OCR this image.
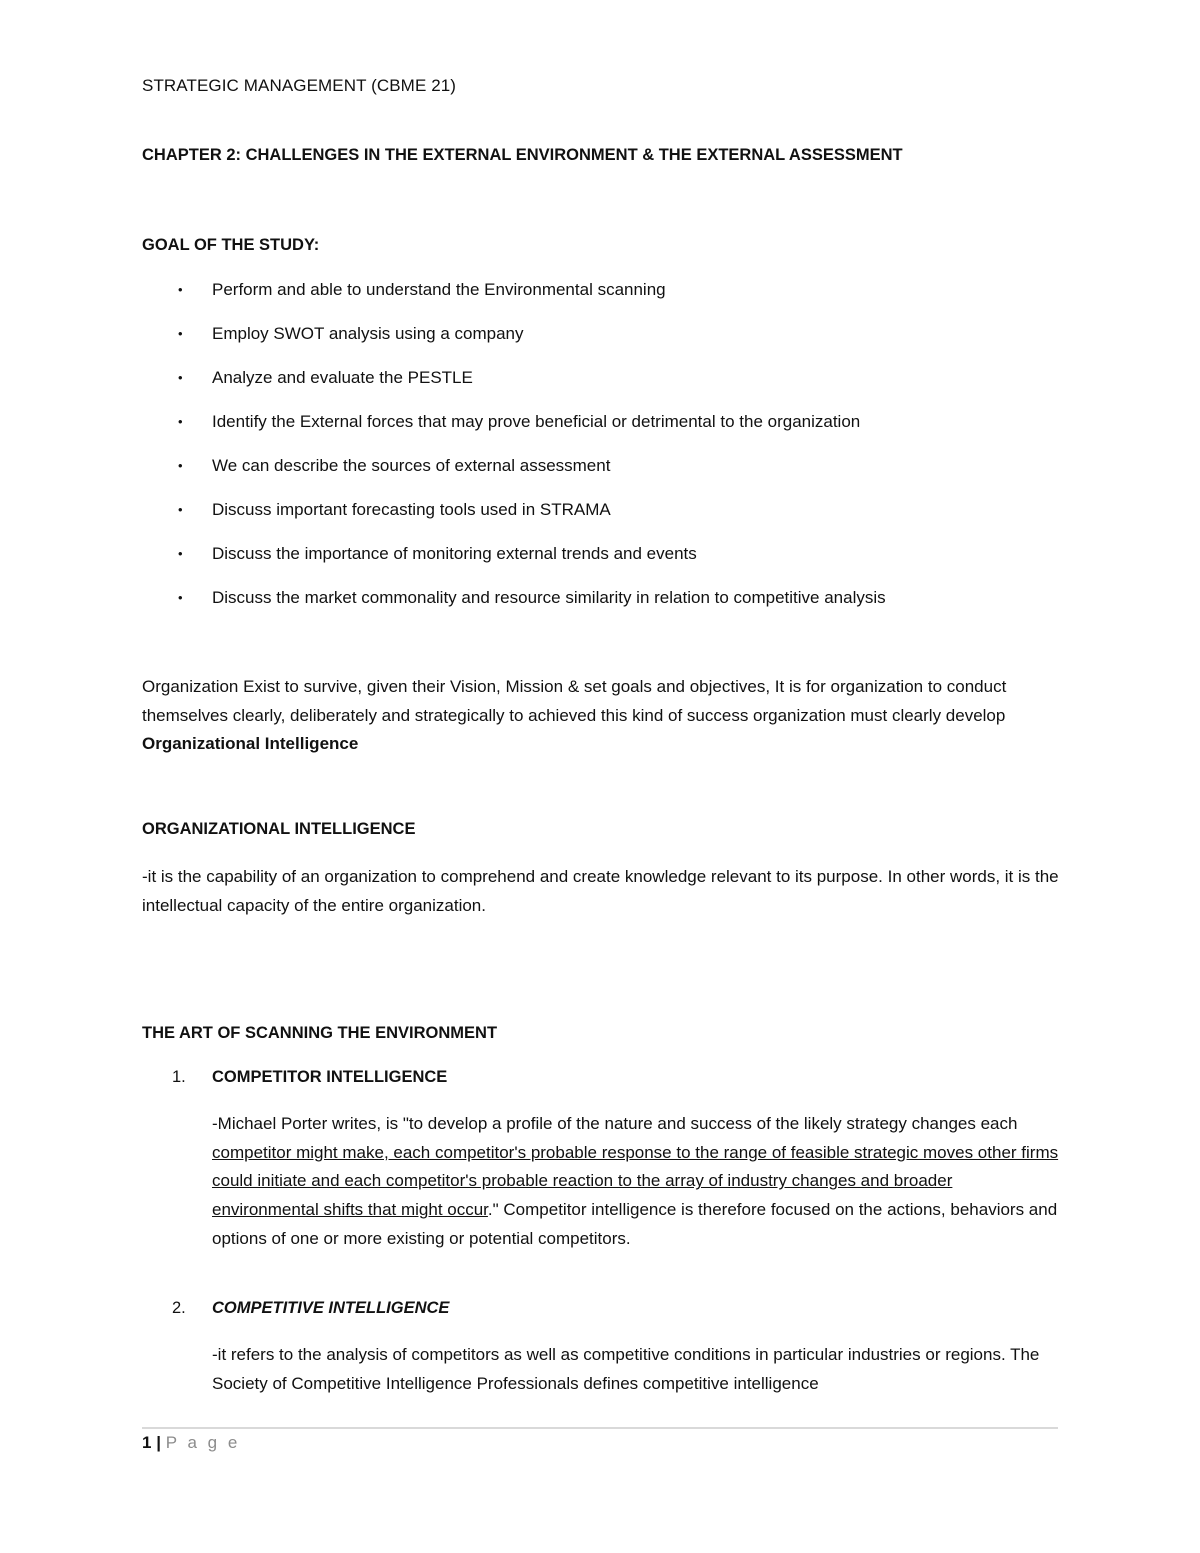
STRATEGIC MANAGEMENT (CBME 21)
CHAPTER 2: CHALLENGES IN THE EXTERNAL ENVIRONMENT & THE EXTERNAL ASSESSMENT
GOAL OF THE STUDY:
• Perform and able to understand the Environmental scanning
• Employ SWOT analysis using a company
• Analyze and evaluate the PESTLE
• Identify the External forces that may prove beneficial or detrimental to the organization
• We can describe the sources of external assessment
• Discuss important forecasting tools used in STRAMA
• Discuss the importance of monitoring external trends and events
• Discuss the market commonality and resource similarity in relation to competitive analysis
Organization Exist to survive, given their Vision, Mission & set goals and objectives, It is for organization to conduct themselves clearly, deliberately and strategically to achieved this kind of success organization must clearly develop Organizational Intelligence
ORGANIZATIONAL INTELLIGENCE
-it is the capability of an organization to comprehend and create knowledge relevant to its purpose. In other words, it is the intellectual capacity of the entire organization.
THE ART OF SCANNING THE ENVIRONMENT
1. COMPETITOR INTELLIGENCE
-Michael Porter writes, is "to develop a profile of the nature and success of the likely strategy changes each competitor might make, each competitor's probable response to the range of feasible strategic moves other firms could initiate and each competitor's probable reaction to the array of industry changes and broader environmental shifts that might occur." Competitor intelligence is therefore focused on the actions, behaviors and options of one or more existing or potential competitors.
2. COMPETITIVE INTELLIGENCE
-it refers to the analysis of competitors as well as competitive conditions in particular industries or regions. The Society of Competitive Intelligence Professionals defines competitive intelligence
1 | P a g e
